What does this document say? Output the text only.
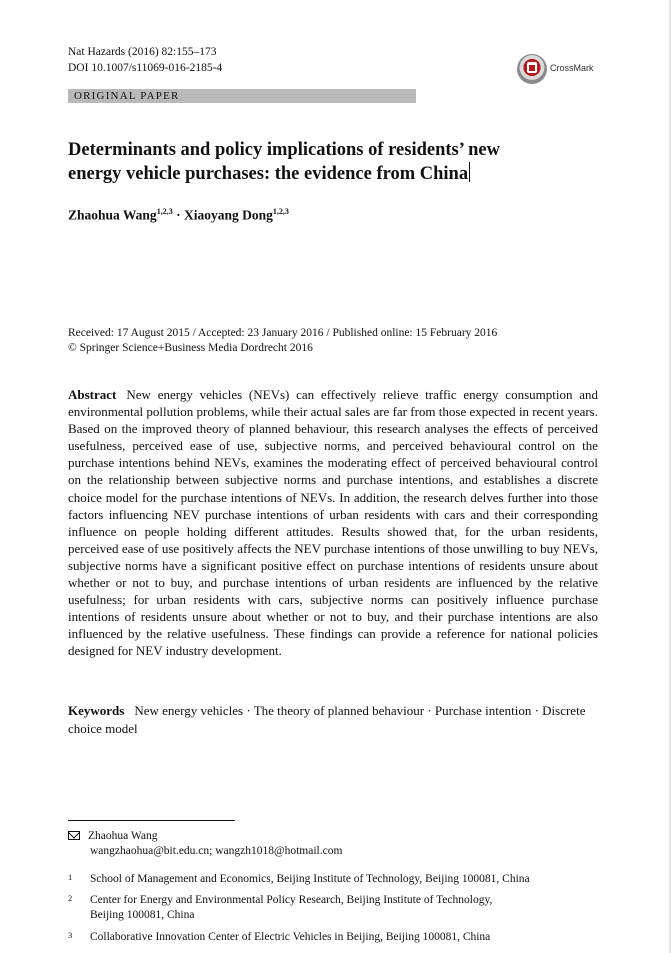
Nat Hazards (2016) 82:155–173
DOI 10.1007/s11069-016-2185-4	CrossMark
ORIGINAL PAPER
Determinants and policy implications of residents’ new
energy vehicle purchases: the evidence from China
Zhaohua Wang$^{1,2,3}$ · Xiaoyang Dong$^{1,2,3}$
Received: 17 August 2015 / Accepted: 23 January 2016 / Published online: 15 February 2016
© Springer Science+Business Media Dordrecht 2016
Abstract New energy vehicles (NEVs) can effectively relieve traffic energy consumption and environmental pollution problems, while their actual sales are far from those expected in recent years. Based on the improved theory of planned behaviour, this research analyses the effects of perceived usefulness, perceived ease of use, subjective norms, and perceived behavioural control on the purchase intentions behind NEVs, examines the moderating effect of perceived behavioural control on the relationship between subjective norms and purchase intentions, and establishes a discrete choice model for the purchase intentions of NEVs. In addition, the research delves further into those factors influencing NEV purchase intentions of urban residents with cars and their corresponding influence on people holding different attitudes. Results showed that, for the urban residents, perceived ease of use positively affects the NEV purchase intentions of those unwilling to buy NEVs, subjective norms have a significant positive effect on purchase intentions of residents unsure about whether or not to buy, and purchase intentions of urban residents are influenced by the relative usefulness; for urban residents with cars, subjective norms can positively influence purchase intentions of residents unsure about whether or not to buy, and their purchase intentions are also influenced by the relative usefulness. These findings can provide a reference for national policies designed for NEV industry development.
Keywords New energy vehicles · The theory of planned behaviour · Purchase intention · Discrete choice model
Zhaohua Wang
wangzhaohua@bit.edu.cn; wangzh1018@hotmail.com
1	School of Management and Economics, Beijing Institute of Technology, Beijing 100081, China
2	Center for Energy and Environmental Policy Research, Beijing Institute of Technology,
Beijing 100081, China
3	Collaborative Innovation Center of Electric Vehicles in Beijing, Beijing 100081, China
